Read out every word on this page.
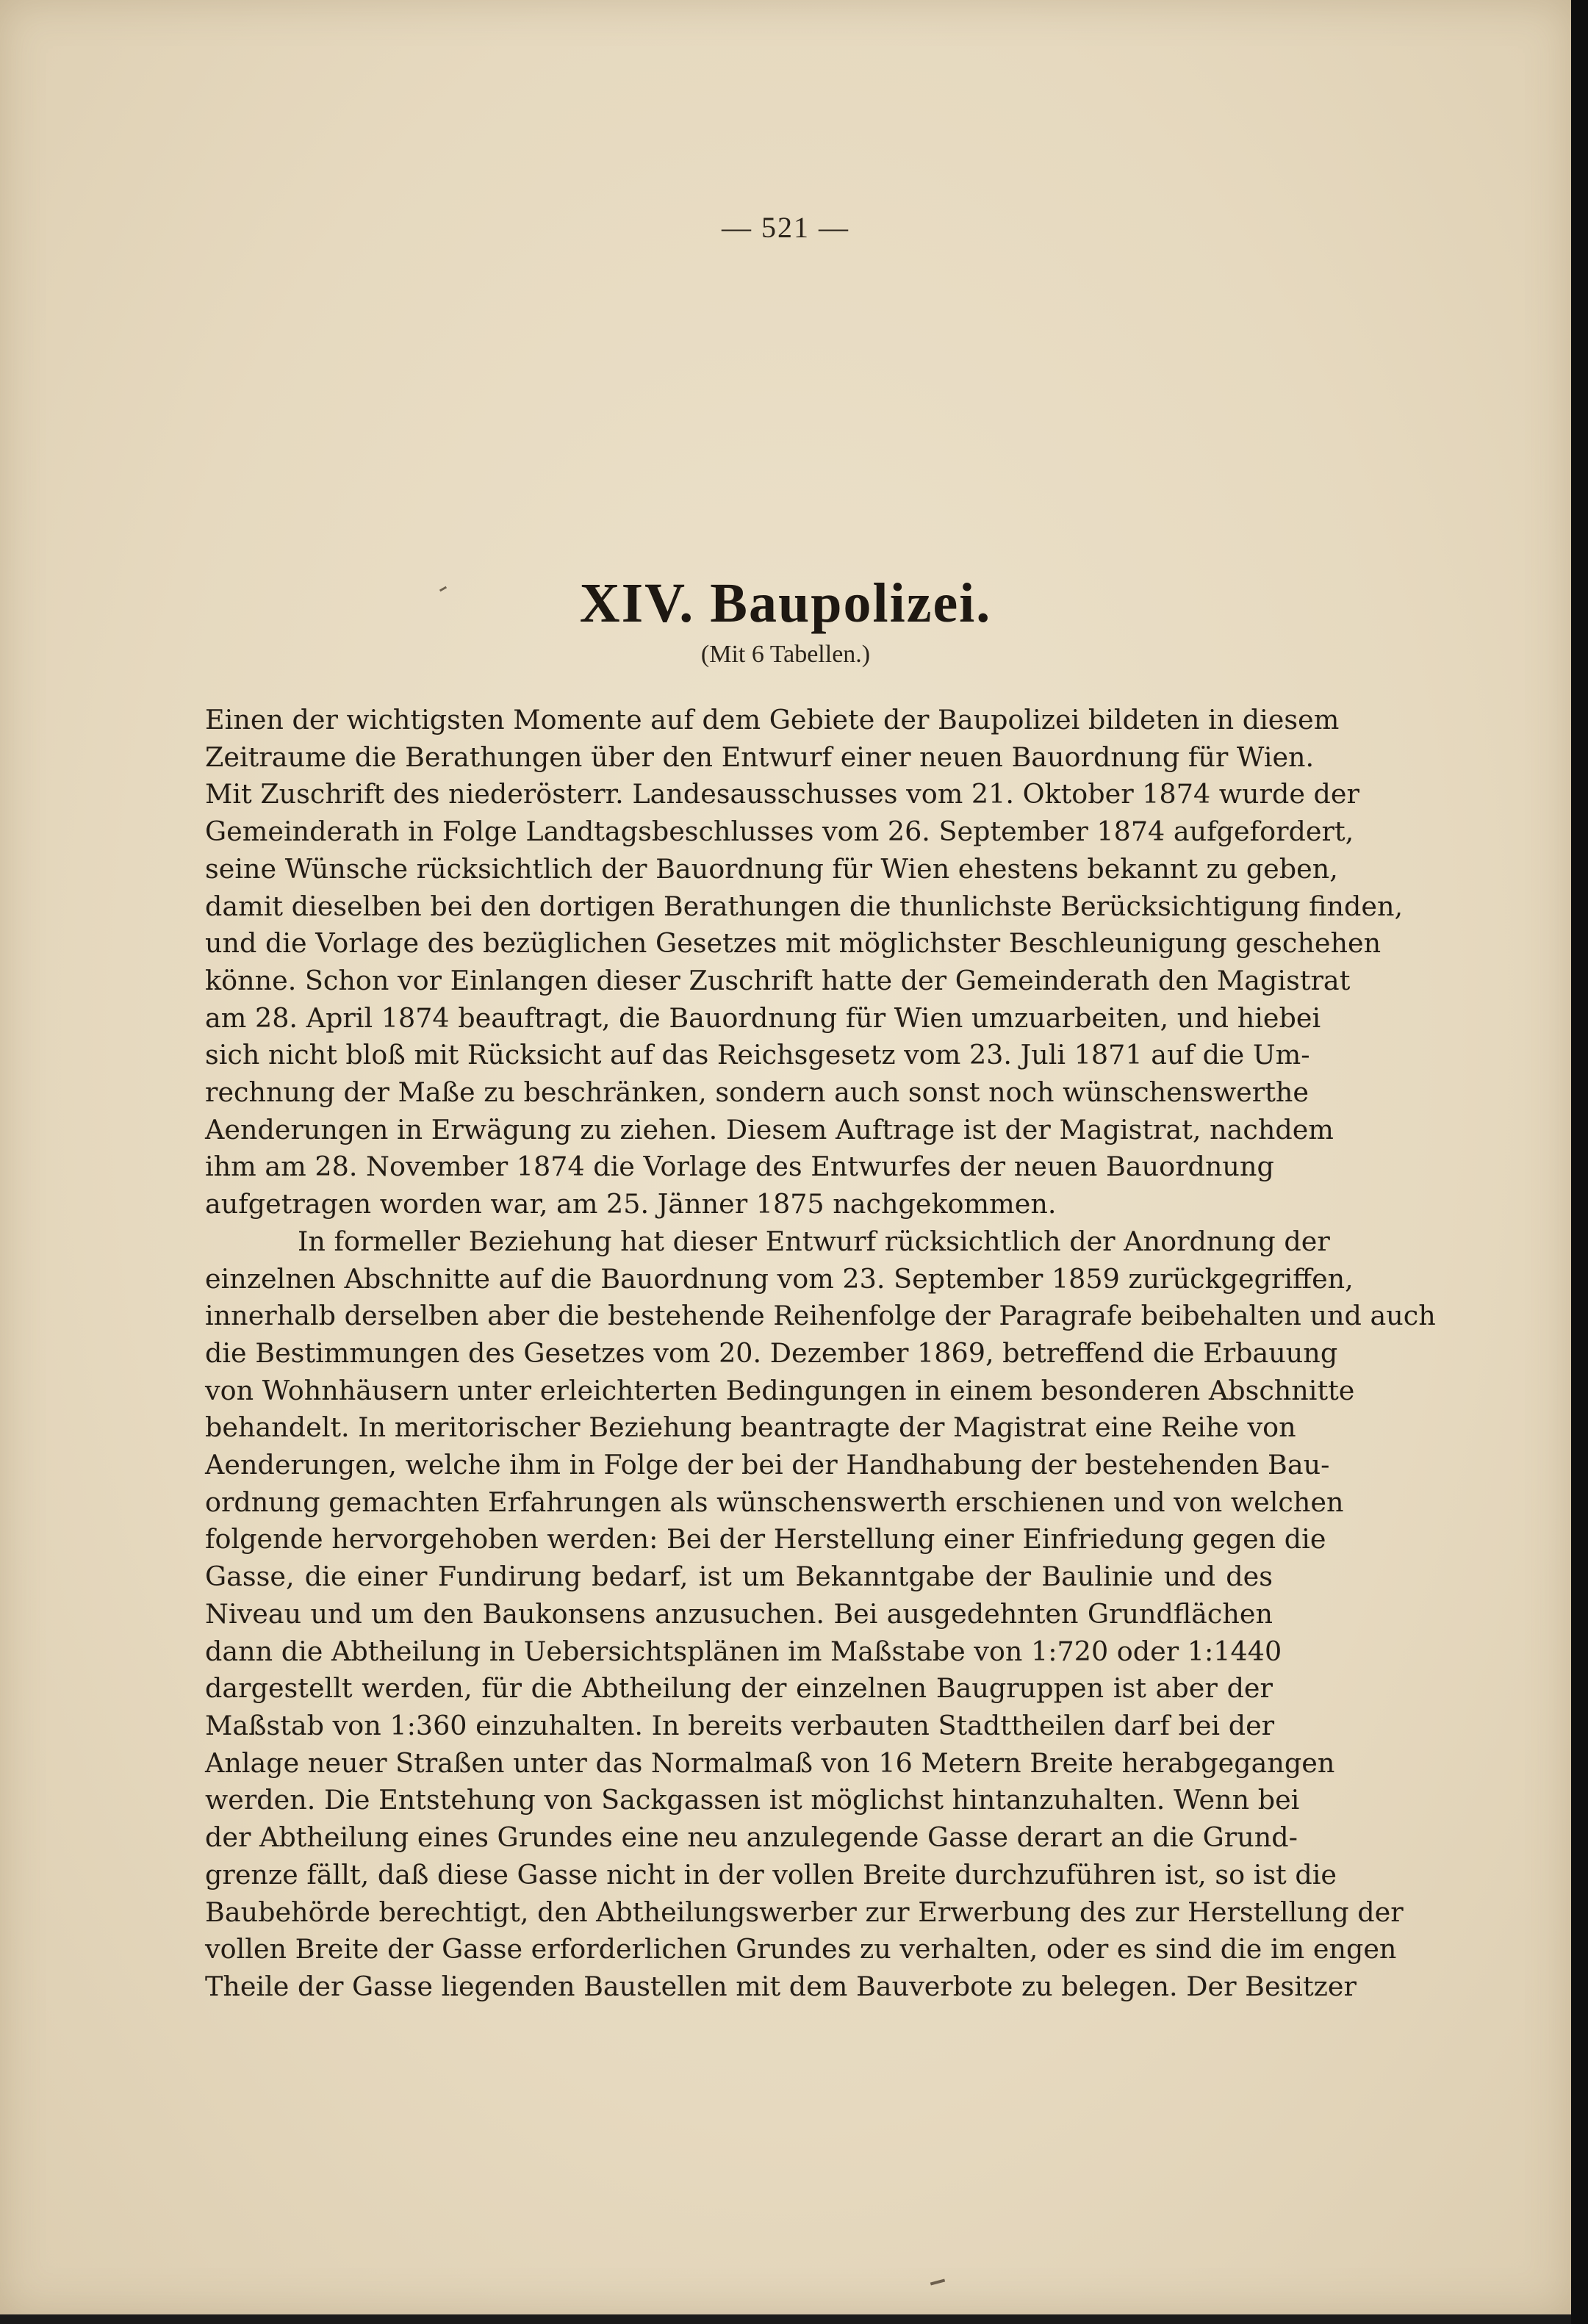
— 521 —
XIV. Baupolizei.
(Mit 6 Tabellen.)
Einen der wichtigsten Momente auf dem Gebiete der Baupolizei bildeten in diesem
Zeitraume die Berathungen über den Entwurf einer neuen Bauordnung für Wien.
Mit Zuschrift des niederösterr. Landesausschusses vom 21. Oktober 1874 wurde der
Gemeinderath in Folge Landtagsbeschlusses vom 26. September 1874 aufgefordert,
seine Wünsche rücksichtlich der Bauordnung für Wien ehestens bekannt zu geben,
damit dieselben bei den dortigen Berathungen die thunlichste Berücksichtigung finden,
und die Vorlage des bezüglichen Gesetzes mit möglichster Beschleunigung geschehen
könne. Schon vor Einlangen dieser Zuschrift hatte der Gemeinderath den Magistrat
am 28. April 1874 beauftragt, die Bauordnung für Wien umzuarbeiten, und hiebei
sich nicht bloß mit Rücksicht auf das Reichsgesetz vom 23. Juli 1871 auf die Um-
rechnung der Maße zu beschränken, sondern auch sonst noch wünschenswerthe
Aenderungen in Erwägung zu ziehen. Diesem Auftrage ist der Magistrat, nachdem
ihm am 28. November 1874 die Vorlage des Entwurfes der neuen Bauordnung
aufgetragen worden war, am 25. Jänner 1875 nachgekommen.
In formeller Beziehung hat dieser Entwurf rücksichtlich der Anordnung der
einzelnen Abschnitte auf die Bauordnung vom 23. September 1859 zurückgegriffen,
innerhalb derselben aber die bestehende Reihenfolge der Paragrafe beibehalten und auch
die Bestimmungen des Gesetzes vom 20. Dezember 1869, betreffend die Erbauung
von Wohnhäusern unter erleichterten Bedingungen in einem besonderen Abschnitte
behandelt. In meritorischer Beziehung beantragte der Magistrat eine Reihe von
Aenderungen, welche ihm in Folge der bei der Handhabung der bestehenden Bau-
ordnung gemachten Erfahrungen als wünschenswerth erschienen und von welchen
folgende hervorgehoben werden: Bei der Herstellung einer Einfriedung gegen die
Gasse, die einer Fundirung bedarf, ist um Bekanntgabe der Baulinie und des
Niveau und um den Baukonsens anzusuchen. Bei ausgedehnten Grundflächen
dann die Abtheilung in Uebersichtsplänen im Maßstabe von 1:720 oder 1:1440
dargestellt werden, für die Abtheilung der einzelnen Baugruppen ist aber der
Maßstab von 1:360 einzuhalten. In bereits verbauten Stadttheilen darf bei der
Anlage neuer Straßen unter das Normalmaß von 16 Metern Breite herabgegangen
werden. Die Entstehung von Sackgassen ist möglichst hintanzuhalten. Wenn bei
der Abtheilung eines Grundes eine neu anzulegende Gasse derart an die Grund-
grenze fällt, daß diese Gasse nicht in der vollen Breite durchzuführen ist, so ist die
Baubehörde berechtigt, den Abtheilungswerber zur Erwerbung des zur Herstellung der
vollen Breite der Gasse erforderlichen Grundes zu verhalten, oder es sind die im engen
Theile der Gasse liegenden Baustellen mit dem Bauverbote zu belegen. Der Besitzer
